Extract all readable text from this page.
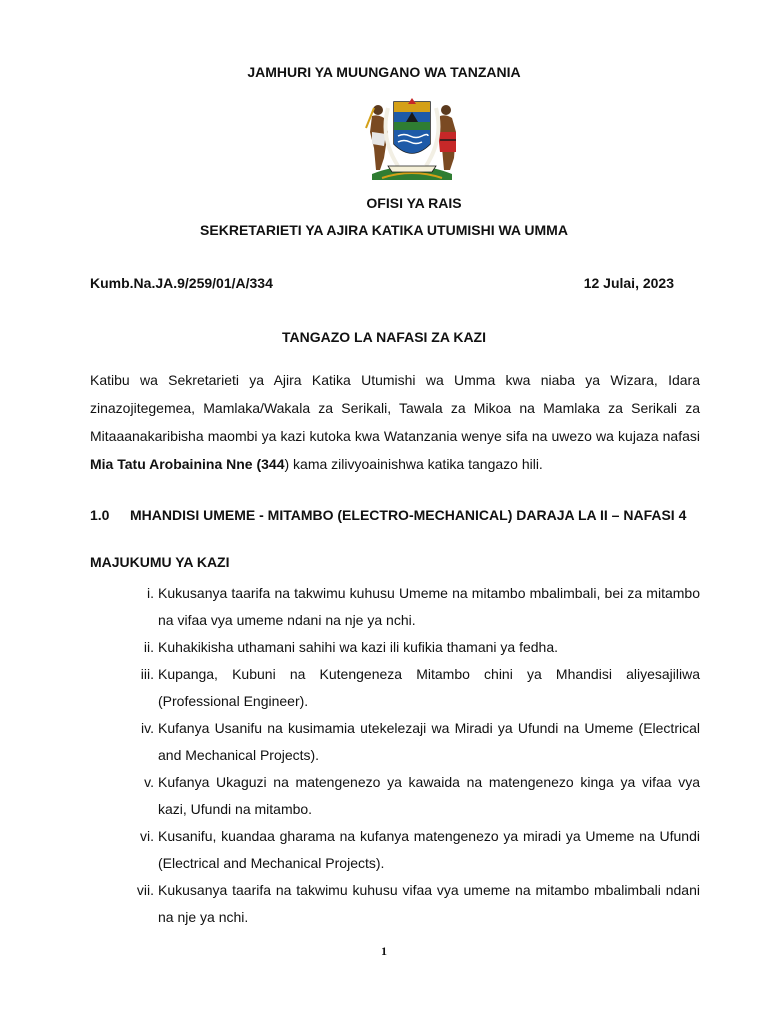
JAMHURI YA MUUNGANO WA TANZANIA
OFISI YA RAIS
SEKRETARIETI YA AJIRA KATIKA UTUMISHI WA UMMA
Kumb.Na.JA.9/259/01/A/334	12 Julai, 2023
TANGAZO LA NAFASI ZA KAZI

Katibu wa Sekretarieti ya Ajira Katika Utumishi wa Umma kwa niaba ya Wizara, Idara zinazojitegemea, Mamlaka/Wakala za Serikali, Tawala za Mikoa na Mamlaka za Serikali za Mitaaanakaribisha maombi ya kazi kutoka kwa Watanzania wenye sifa na uwezo wa kujaza nafasi Mia Tatu Arobainina Nne (344) kama zilivyoainishwa katika tangazo hili.

1.0	MHANDISI UMEME - MITAMBO (ELECTRO-MECHANICAL) DARAJA LA II – NAFASI 4
MAJUKUMU YA KAZI
i. Kukusanya taarifa na takwimu kuhusu Umeme na mitambo mbalimbali, bei za mitambo na vifaa vya umeme ndani na nje ya nchi.
ii. Kuhakikisha uthamani sahihi wa kazi ili kufikia thamani ya fedha.
iii. Kupanga, Kubuni na Kutengeneza Mitambo chini ya Mhandisi aliyesajiliwa (Professional Engineer).
iv. Kufanya Usanifu na kusimamia utekelezaji wa Miradi ya Ufundi na Umeme (Electrical and Mechanical Projects).
v. Kufanya Ukaguzi na matengenezo ya kawaida na matengenezo kinga ya vifaa vya kazi, Ufundi na mitambo.
vi. Kusanifu, kuandaa gharama na kufanya matengenezo ya miradi ya Umeme na Ufundi (Electrical and Mechanical Projects).
vii. Kukusanya taarifa na takwimu kuhusu vifaa vya umeme na mitambo mbalimbali ndani na nje ya nchi.
1
